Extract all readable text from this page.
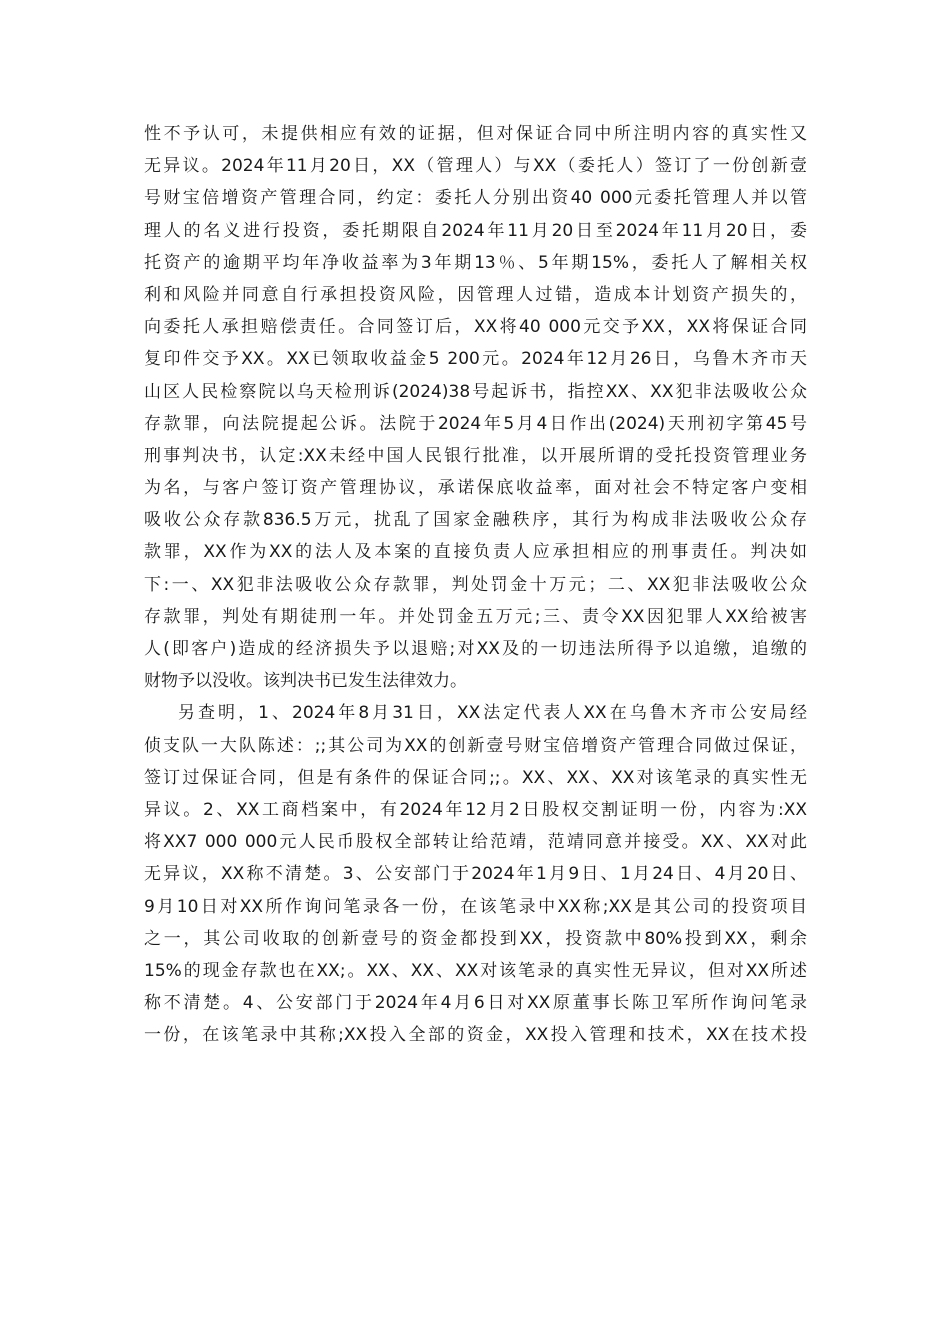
性不予认可，未提供相应有效的证据，但对保证合同中所注明内容的真实性又
无异议。2024年11月20日，XX（管理人）与XX（委托人）签订了一份创新壹
号财宝倍增资产管理合同，约定：委托人分别出资40 000元委托管理人并以管
理人的名义进行投资，委托期限自2024年11月20日至2024年11月20日，委
托资产的逾期平均年净收益率为3年期13％、5年期15%，委托人了解相关权
利和风险并同意自行承担投资风险，因管理人过错，造成本计划资产损失的，
向委托人承担赔偿责任。合同签订后，XX将40 000元交予XX，XX将保证合同
复印件交予XX。XX已领取收益金5 200元。2024年12月26日，乌鲁木齐市天
山区人民检察院以乌天检刑诉(2024)38号起诉书，指控XX、XX犯非法吸收公众
存款罪，向法院提起公诉。法院于2024年5月4日作出(2024)天刑初字第45号
刑事判决书，认定:XX未经中国人民银行批准，以开展所谓的受托投资管理业务
为名，与客户签订资产管理协议，承诺保底收益率，面对社会不特定客户变相
吸收公众存款836.5万元，扰乱了国家金融秩序，其行为构成非法吸收公众存
款罪，XX作为XX的法人及本案的直接负责人应承担相应的刑事责任。判决如
下:一、XX犯非法吸收公众存款罪，判处罚金十万元；二、XX犯非法吸收公众
存款罪，判处有期徒刑一年。并处罚金五万元;三、责令XX因犯罪人XX给被害
人(即客户)造成的经济损失予以退赔;对XX及的一切违法所得予以追缴，追缴的
财物予以没收。该判决书已发生法律效力。
另查明，1、2024年8月31日，XX法定代表人XX在乌鲁木齐市公安局经
侦支队一大队陈述：;;其公司为XX的创新壹号财宝倍增资产管理合同做过保证，
签订过保证合同，但是有条件的保证合同;;。XX、XX、XX对该笔录的真实性无
异议。2、XX工商档案中，有2024年12月2日股权交割证明一份，内容为:XX
将XX7 000 000元人民币股权全部转让给范靖，范靖同意并接受。XX、XX对此
无异议，XX称不清楚。3、公安部门于2024年1月9日、1月24日、4月20日、
9月10日对XX所作询问笔录各一份，在该笔录中XX称;XX是其公司的投资项目
之一，其公司收取的创新壹号的资金都投到XX，投资款中80%投到XX，剩余
15%的现金存款也在XX;。XX、XX、XX对该笔录的真实性无异议，但对XX所述
称不清楚。4、公安部门于2024年4月6日对XX原董事长陈卫军所作询问笔录
一份，在该笔录中其称;XX投入全部的资金，XX投入管理和技术，XX在技术投
